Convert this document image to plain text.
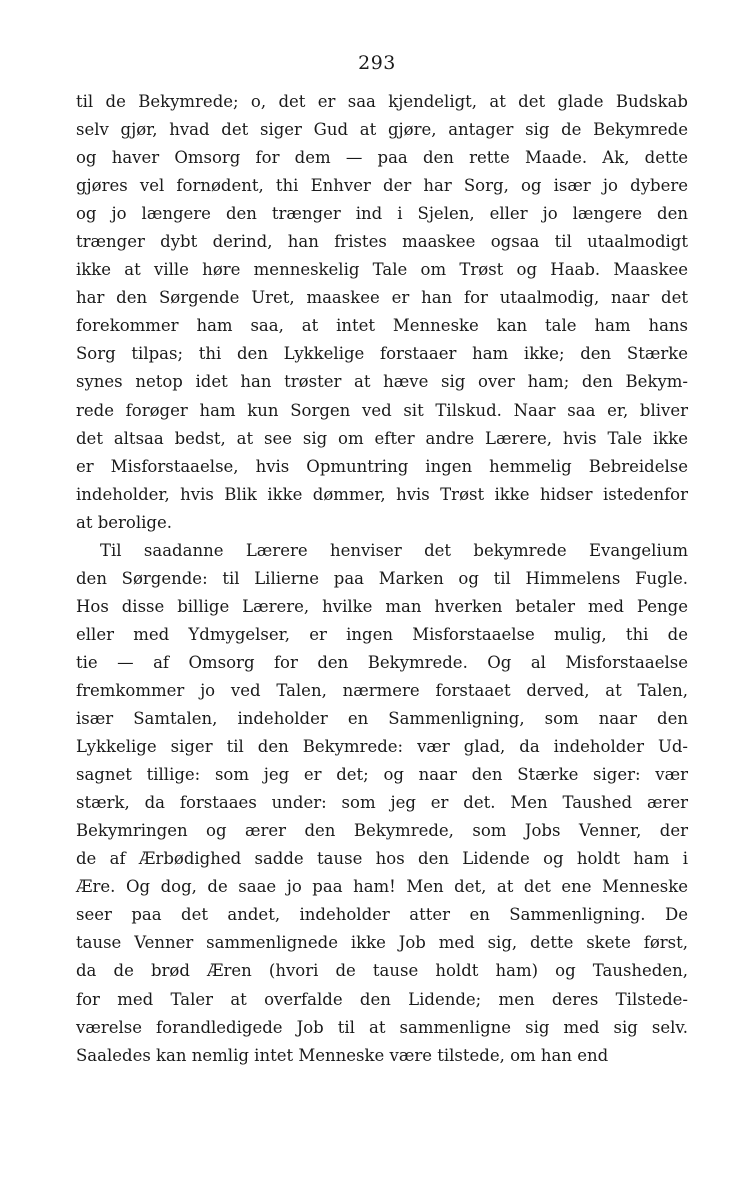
293
til de Bekymrede; o, det er saa kjendeligt, at det glade Budskab
selv gjør, hvad det siger Gud at gjøre, antager sig de Bekymrede
og haver Omsorg for dem — paa den rette Maade. Ak, dette
gjøres vel fornødent, thi Enhver der har Sorg, og især jo dybere
og jo længere den trænger ind i Sjelen, eller jo længere den
trænger dybt derind, han fristes maaskee ogsaa til utaalmodigt
ikke at ville høre menneskelig Tale om Trøst og Haab. Maaskee
har den Sørgende Uret, maaskee er han for utaalmodig, naar det
forekommer ham saa, at intet Menneske kan tale ham hans
Sorg tilpas; thi den Lykkelige forstaaer ham ikke; den Stærke
synes netop idet han trøster at hæve sig over ham; den Bekym-
rede forøger ham kun Sorgen ved sit Tilskud. Naar saa er, bliver
det altsaa bedst, at see sig om efter andre Lærere, hvis Tale ikke
er Misforstaaelse, hvis Opmuntring ingen hemmelig Bebreidelse
indeholder, hvis Blik ikke dømmer, hvis Trøst ikke hidser istedenfor
at berolige.
Til saadanne Lærere henviser det bekymrede Evangelium
den Sørgende: til Lilierne paa Marken og til Himmelens Fugle.
Hos disse billige Lærere, hvilke man hverken betaler med Penge
eller med Ydmygelser, er ingen Misforstaaelse mulig, thi de
tie — af Omsorg for den Bekymrede. Og al Misforstaaelse
fremkommer jo ved Talen, nærmere forstaaet derved, at Talen,
især Samtalen, indeholder en Sammenligning, som naar den
Lykkelige siger til den Bekymrede: vær glad, da indeholder Ud-
sagnet tillige: som jeg er det; og naar den Stærke siger: vær
stærk, da forstaaes under: som jeg er det. Men Taushed ærer
Bekymringen og ærer den Bekymrede, som Jobs Venner, der
de af Ærbødighed sadde tause hos den Lidende og holdt ham i
Ære. Og dog, de saae jo paa ham! Men det, at det ene Menneske
seer paa det andet, indeholder atter en Sammenligning. De
tause Venner sammenlignede ikke Job med sig, dette skete først,
da de brød Æren (hvori de tause holdt ham) og Tausheden,
for med Taler at overfalde den Lidende; men deres Tilstede-
værelse forandledigede Job til at sammenligne sig med sig selv.
Saaledes kan nemlig intet Menneske være tilstede, om han end
